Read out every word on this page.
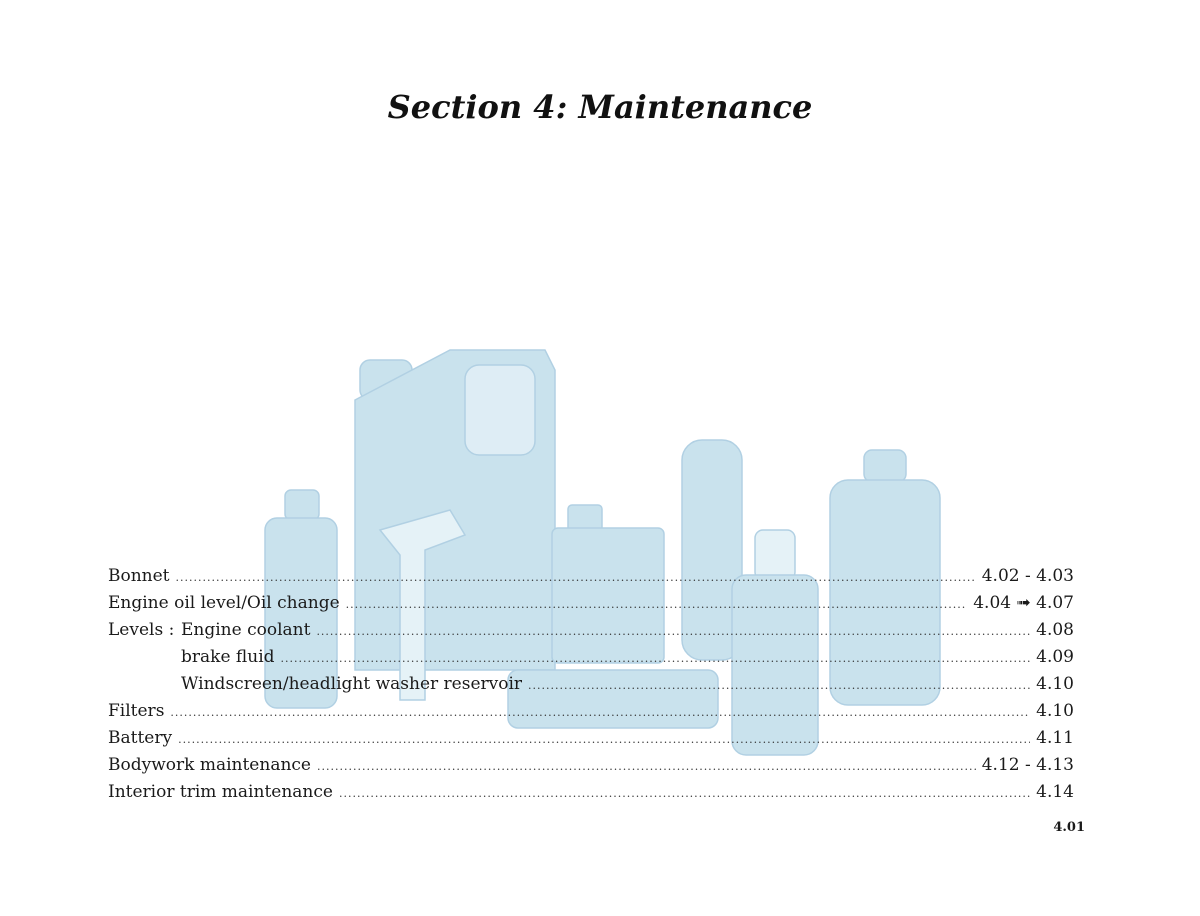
Section 4: Maintenance
Bonnet .....	4.02 - 4.03
Engine oil level/Oil change .....	4.04 ➟ 4.07
Levels : Engine coolant .....	4.08
brake fluid .....	4.09
Windscreen/headlight washer reservoir .....	4.10
Filters .....	4.10
Battery .....	4.11
Bodywork maintenance .....	4.12 - 4.13
Interior trim maintenance .....	4.14
4.01
